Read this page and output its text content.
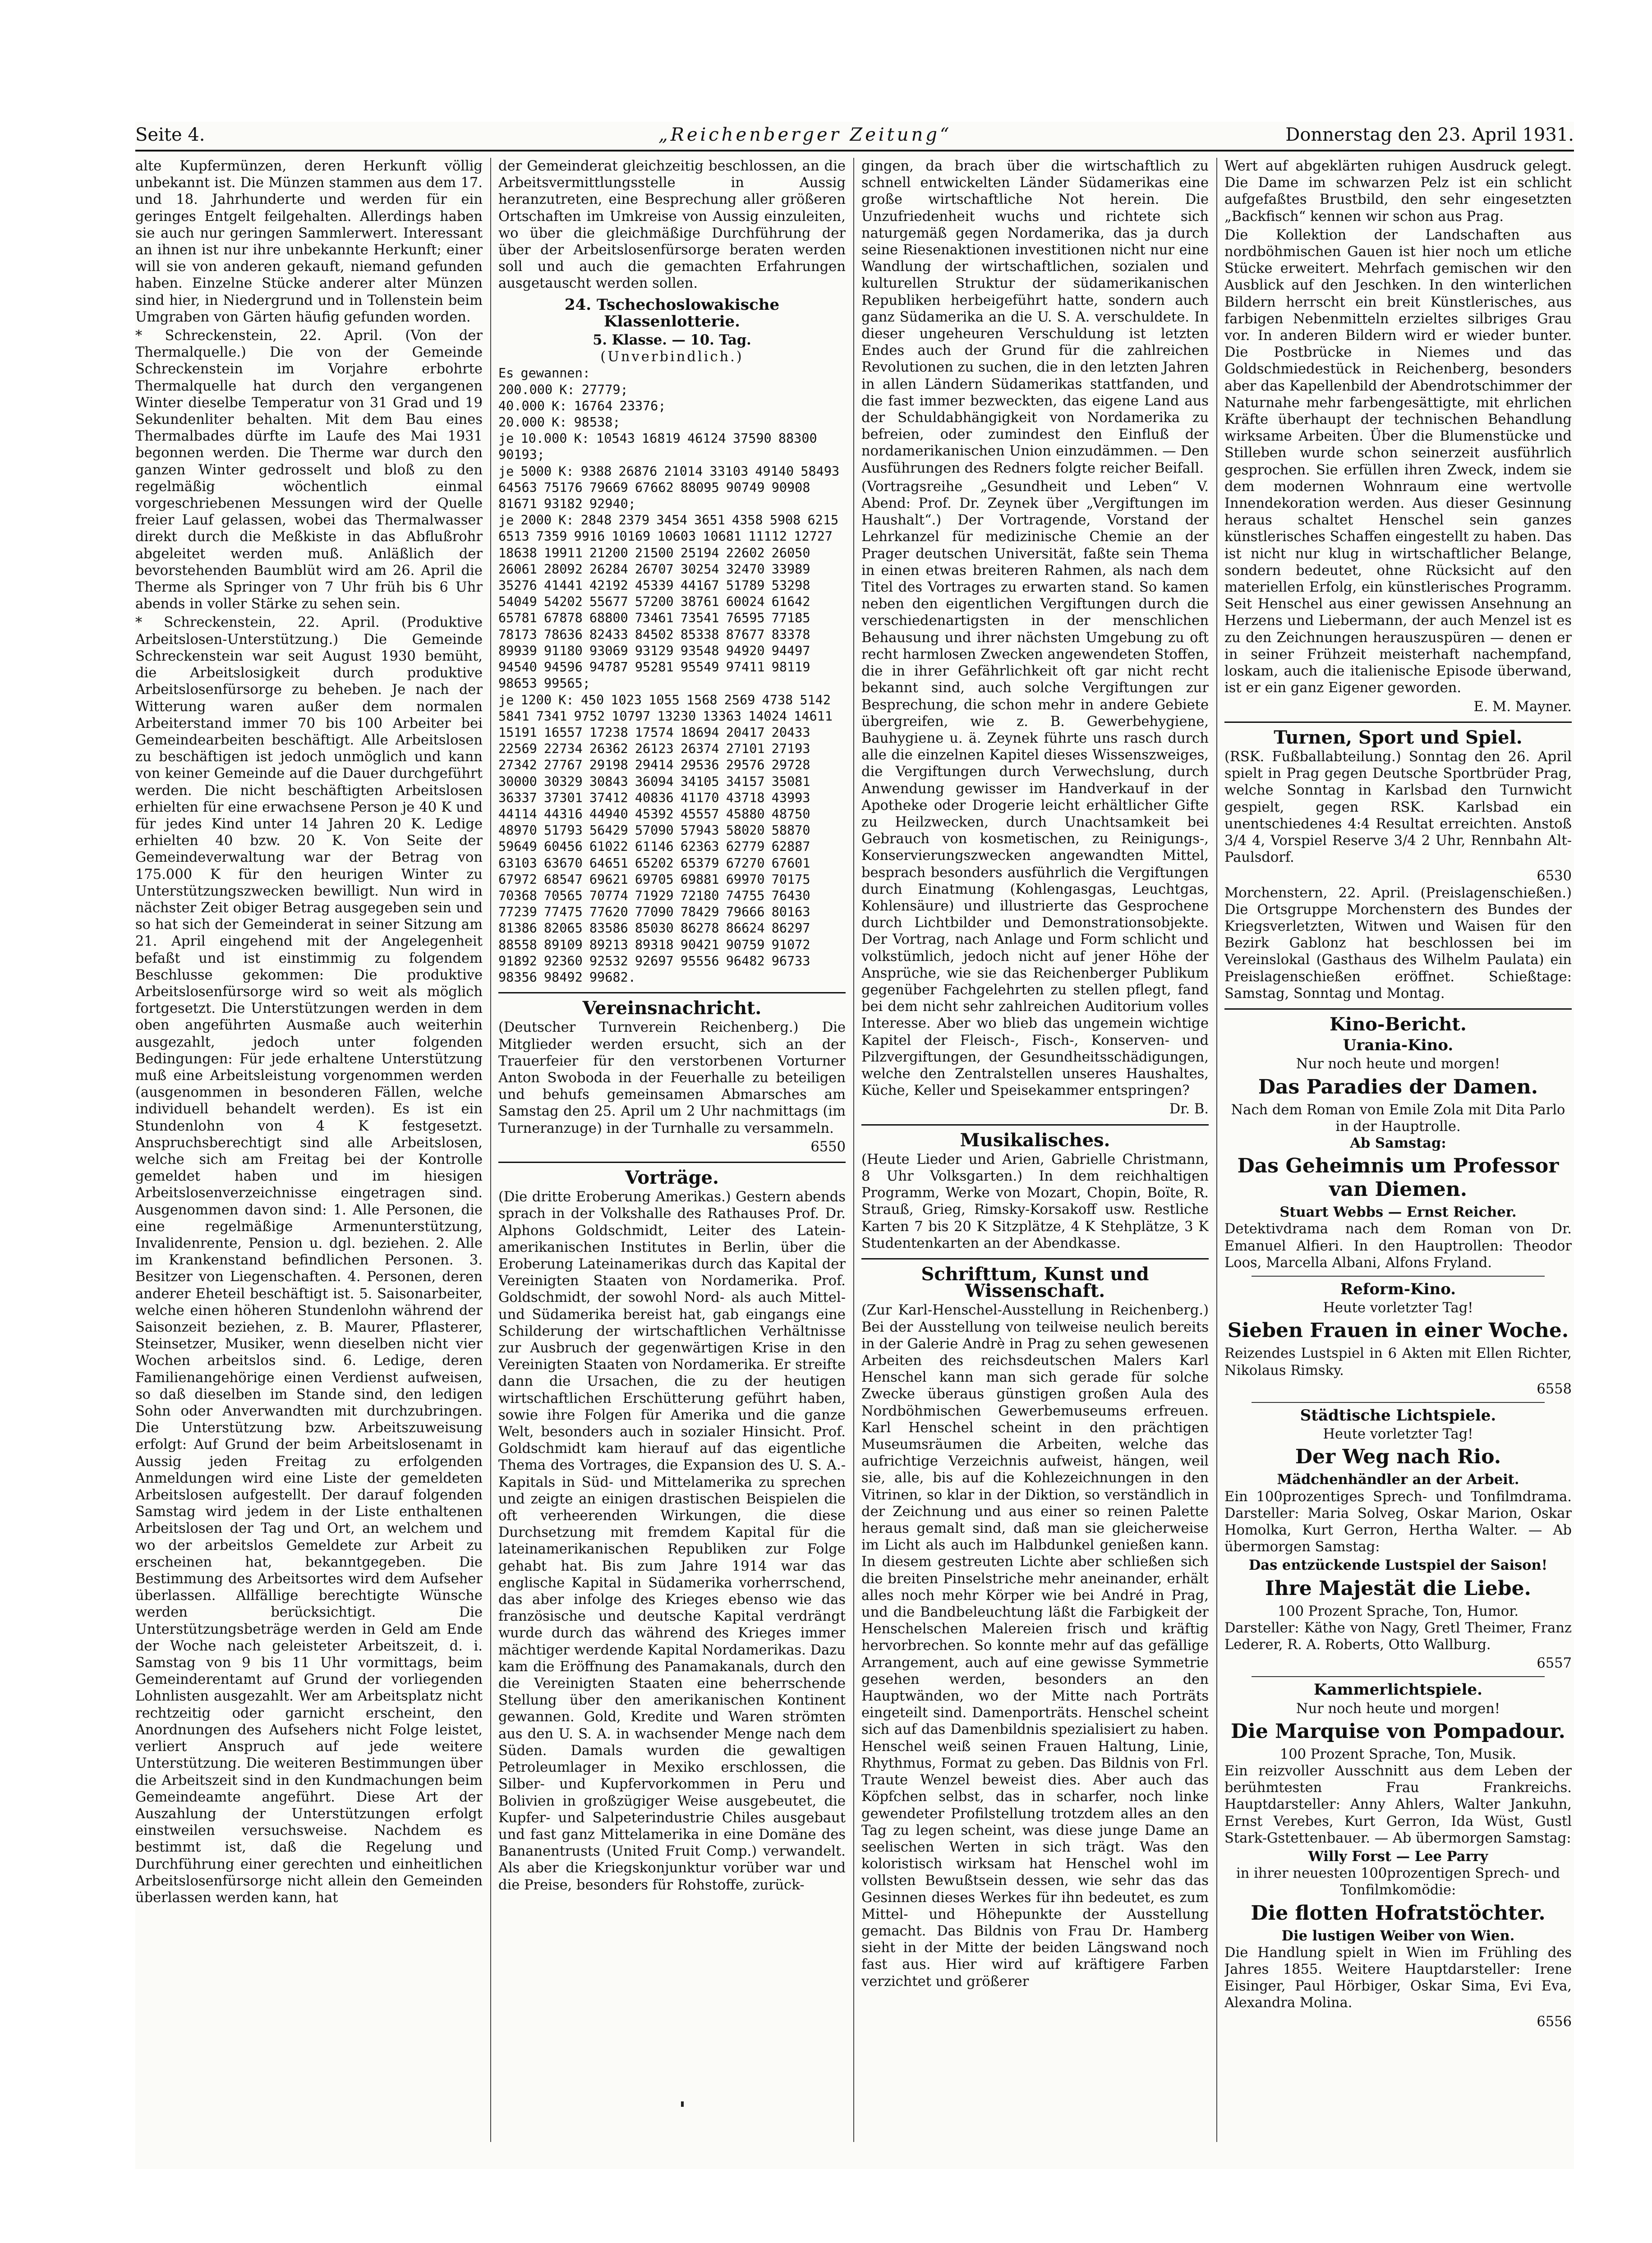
Seite 4.	„Reichenberger Zeitung“	Donnerstag den 23. April 1931.

alte Kupfermünzen, deren Herkunft völlig unbekannt ist. Die Münzen stammen aus dem 17. und 18. Jahrhunderte und werden für ein geringes Entgelt feilgehalten. Allerdings haben sie auch nur geringen Sammlerwert. Interessant an ihnen ist nur ihre unbekannte Herkunft; einer will sie von anderen gekauft, niemand gefunden haben. Einzelne Stücke anderer alter Münzen sind hier, in Niedergrund und in Tollenstein beim Umgraben von Gärten häufig gefunden worden.

* Schreckenstein, 22. April. (Von der Thermalquelle.) Die von der Gemeinde Schreckenstein im Vorjahre erbohrte Thermalquelle hat durch den vergangenen Winter dieselbe Temperatur von 31 Grad und 19 Sekundenliter behalten. Mit dem Bau eines Thermalbades dürfte im Laufe des Mai 1931 begonnen werden. Die Therme war durch den ganzen Winter gedrosselt und bloß zu den regelmäßig wöchentlich einmal vorgeschriebenen Messungen wird der Quelle freier Lauf gelassen, wobei das Thermalwasser direkt durch die Meßkiste in das Abflußrohr abgeleitet werden muß. Anläßlich der bevorstehenden Baumblüt wird am 26. April die Therme als Springer von 7 Uhr früh bis 6 Uhr abends in voller Stärke zu sehen sein.

* Schreckenstein, 22. April. (Produktive Arbeitslosen-Unterstützung.) Die Gemeinde Schreckenstein war seit August 1930 bemüht, die Arbeitslosigkeit durch produktive Arbeitslosenfürsorge zu beheben. Je nach der Witterung waren außer dem normalen Arbeiterstand immer 70 bis 100 Arbeiter bei Gemeindearbeiten beschäftigt. Alle Arbeitslosen zu beschäftigen ist jedoch unmöglich und kann von keiner Gemeinde auf die Dauer durchgeführt werden. Die nicht beschäftigten Arbeitslosen erhielten für eine erwachsene Person je 40 K und für jedes Kind unter 14 Jahren 20 K. Ledige erhielten 40 bzw. 20 K. Von Seite der Gemeindeverwaltung war der Betrag von 175.000 K für den heurigen Winter zu Unterstützungszwecken bewilligt. Nun wird in nächster Zeit obiger Betrag ausgegeben sein und so hat sich der Gemeinderat in seiner Sitzung am 21. April eingehend mit der Angelegenheit befaßt und ist einstimmig zu folgendem Beschlusse gekommen: Die produktive Arbeitslosenfürsorge wird so weit als möglich fortgesetzt. Die Unterstützungen werden in dem oben angeführten Ausmaße auch weiterhin ausgezahlt, jedoch unter folgenden Bedingungen: Für jede erhaltene Unterstützung muß eine Arbeitsleistung vorgenommen werden (ausgenommen in besonderen Fällen, welche individuell behandelt werden). Es ist ein Stundenlohn von 4 K festgesetzt. Anspruchsberechtigt sind alle Arbeitslosen, welche sich am Freitag bei der Kontrolle gemeldet haben und im hiesigen Arbeitslosenverzeichnisse eingetragen sind. Ausgenommen davon sind: 1. Alle Personen, die eine regelmäßige Armenunterstützung, Invalidenrente, Pension u. dgl. beziehen. 2. Alle im Krankenstand befindlichen Personen. 3. Besitzer von Liegenschaften. 4. Personen, deren anderer Eheteil beschäftigt ist. 5. Saisonarbeiter, welche einen höheren Stundenlohn während der Saisonzeit beziehen, z. B. Maurer, Pflasterer, Steinsetzer, Musiker, wenn dieselben nicht vier Wochen arbeitslos sind. 6. Ledige, deren Familienangehörige einen Verdienst aufweisen, so daß dieselben im Stande sind, den ledigen Sohn oder Anverwandten mit durchzubringen. Die Unterstützung bzw. Arbeitszuweisung erfolgt: Auf Grund der beim Arbeitslosenamt in Aussig jeden Freitag zu erfolgenden Anmeldungen wird eine Liste der gemeldeten Arbeitslosen aufgestellt. Der darauf folgenden Samstag wird jedem in der Liste enthaltenen Arbeitslosen der Tag und Ort, an welchem und wo der arbeitslos Gemeldete zur Arbeit zu erscheinen hat, bekanntgegeben. Die Bestimmung des Arbeitsortes wird dem Aufseher überlassen. Allfällige berechtigte Wünsche werden berücksichtigt. Die Unterstützungsbeträge werden in Geld am Ende der Woche nach geleisteter Arbeitszeit, d. i. Samstag von 9 bis 11 Uhr vormittags, beim Gemeinderentamt auf Grund der vorliegenden Lohnlisten ausgezahlt. Wer am Arbeitsplatz nicht rechtzeitig oder garnicht erscheint, den Anordnungen des Aufsehers nicht Folge leistet, verliert Anspruch auf jede weitere Unterstützung. Die weiteren Bestimmungen über die Arbeitszeit sind in den Kundmachungen beim Gemeindeamte angeführt. Diese Art der Auszahlung der Unterstützungen erfolgt einstweilen versuchsweise. Nachdem es bestimmt ist, daß die Regelung und Durchführung einer gerechten und einheitlichen Arbeitslosenfürsorge nicht allein den Gemeinden überlassen werden kann, hat

der Gemeinderat gleichzeitig beschlossen, an die Arbeitsvermittlungsstelle in Aussig heranzutreten, eine Besprechung aller größeren Ortschaften im Umkreise von Aussig einzuleiten, wo über die gleichmäßige Durchführung der über der Arbeitslosenfürsorge beraten werden soll und auch die gemachten Erfahrungen ausgetauscht werden sollen.

24. Tschechoslowakische Klassenlotterie.
5. Klasse. — 10. Tag.
(Unverbindlich.)
Es gewannen:
200.000 K: 27779;
40.000 K: 16764 23376;
20.000 K: 98538;
je 10.000 K: 10543 16819 46124 37590 88300 90193;
je 5000 K: 9388 26876 21014 33103 49140 58493 64563 75176 79669 67662 88095 90749 90908 81671 93182 92940;
je 2000 K: 2848 2379 3454 3651 4358 5908 6215 6513 7359 9916 10169 10603 10681 11112 12727 18638 19911 21200 21500 25194 22602 26050 26061 28092 26284 26707 30254 32470 33989 35276 41441 42192 45339 44167 51789 53298 54049 54202 55677 57200 38761 60024 61642 65781 67878 68800 73461 73541 76595 77185 78173 78636 82433 84502 85338 87677 83378 89939 91180 93069 93129 93548 94920 94497 94540 94596 94787 95281 95549 97411 98119 98653 99565;
je 1200 K: 450 1023 1055 1568 2569 4738 5142 5841 7341 9752 10797 13230 13363 14024 14611 15191 16557 17238 17574 18694 20417 20433 22569 22734 26362 26123 26374 27101 27193 27342 27767 29198 29414 29536 29576 29728 30000 30329 30843 36094 34105 34157 35081 36337 37301 37412 40836 41170 43718 43993 44114 44316 44940 45392 45557 45880 48750 48970 51793 56429 57090 57943 58020 58870 59649 60456 61022 61146 62363 62779 62887 63103 63670 64651 65202 65379 67270 67601 67972 68547 69621 69705 69881 69970 70175 70368 70565 70774 71929 72180 74755 76430 77239 77475 77620 77090 78429 79666 80163 81386 82065 83586 85030 86278 86624 86297 88558 89109 89213 89318 90421 90759 91072 91892 92360 92532 92697 95556 96482 96733 98356 98492 99682.
Vereinsnachricht.

(Deutscher Turnverein Reichenberg.) Die Mitglieder werden ersucht, sich an der Trauerfeier für den verstorbenen Vorturner Anton Swoboda in der Feuerhalle zu beteiligen und behufs gemeinsamen Abmarsches am Samstag den 25. April um 2 Uhr nachmittags (im Turneranzuge) in der Turnhalle zu versammeln.

6550
Vorträge.

(Die dritte Eroberung Amerikas.) Gestern abends sprach in der Volkshalle des Rathauses Prof. Dr. Alphons Goldschmidt, Leiter des Latein-amerikanischen Institutes in Berlin, über die Eroberung Lateinamerikas durch das Kapital der Vereinigten Staaten von Nordamerika. Prof. Goldschmidt, der sowohl Nord- als auch Mittel- und Südamerika bereist hat, gab eingangs eine Schilderung der wirtschaftlichen Verhältnisse zur Ausbruch der gegenwärtigen Krise in den Vereinigten Staaten von Nordamerika. Er streifte dann die Ursachen, die zu der heutigen wirtschaftlichen Erschütterung geführt haben, sowie ihre Folgen für Amerika und die ganze Welt, besonders auch in sozialer Hinsicht. Prof. Goldschmidt kam hierauf auf das eigentliche Thema des Vortrages, die Expansion des U. S. A.-Kapitals in Süd- und Mittelamerika zu sprechen und zeigte an einigen drastischen Beispielen die oft verheerenden Wirkungen, die diese Durchsetzung mit fremdem Kapital für die lateinamerikanischen Republiken zur Folge gehabt hat. Bis zum Jahre 1914 war das englische Kapital in Südamerika vorherrschend, das aber infolge des Krieges ebenso wie das französische und deutsche Kapital verdrängt wurde durch das während des Krieges immer mächtiger werdende Kapital Nordamerikas. Dazu kam die Eröffnung des Panamakanals, durch den die Vereinigten Staaten eine beherrschende Stellung über den amerikanischen Kontinent gewannen. Gold, Kredite und Waren strömten aus den U. S. A. in wachsender Menge nach dem Süden. Damals wurden die gewaltigen Petroleumlager in Mexiko erschlossen, die Silber- und Kupfervorkommen in Peru und Bolivien in großzügiger Weise ausgebeutet, die Kupfer- und Salpeterindustrie Chiles ausgebaut und fast ganz Mittelamerika in eine Domäne des Bananentrusts (United Fruit Comp.) verwandelt. Als aber die Kriegskonjunktur vorüber war und die Preise, besonders für Rohstoffe, zurück-

gingen, da brach über die wirtschaftlich zu schnell entwickelten Länder Südamerikas eine große wirtschaftliche Not herein. Die Unzufriedenheit wuchs und richtete sich naturgemäß gegen Nordamerika, das ja durch seine Riesenaktionen investitionen nicht nur eine Wandlung der wirtschaftlichen, sozialen und kulturellen Struktur der südamerikanischen Republiken herbeigeführt hatte, sondern auch ganz Südamerika an die U. S. A. verschuldete. In dieser ungeheuren Verschuldung ist letzten Endes auch der Grund für die zahlreichen Revolutionen zu suchen, die in den letzten Jahren in allen Ländern Südamerikas stattfanden, und die fast immer bezweckten, das eigene Land aus der Schuldabhängigkeit von Nordamerika zu befreien, oder zumindest den Einfluß der nordamerikanischen Union einzudämmen. — Den Ausführungen des Redners folgte reicher Beifall.

(Vortragsreihe „Gesundheit und Leben“ V. Abend: Prof. Dr. Zeynek über „Vergiftungen im Haushalt“.) Der Vortragende, Vorstand der Lehrkanzel für medizinische Chemie an der Prager deutschen Universität, faßte sein Thema in einen etwas breiteren Rahmen, als nach dem Titel des Vortrages zu erwarten stand. So kamen neben den eigentlichen Vergiftungen durch die verschiedenartigsten in der menschlichen Behausung und ihrer nächsten Umgebung zu oft recht harmlosen Zwecken angewendeten Stoffen, die in ihrer Gefährlichkeit oft gar nicht recht bekannt sind, auch solche Vergiftungen zur Besprechung, die schon mehr in andere Gebiete übergreifen, wie z. B. Gewerbehygiene, Bauhygiene u. ä. Zeynek führte uns rasch durch alle die einzelnen Kapitel dieses Wissenszweiges, die Vergiftungen durch Verwechslung, durch Anwendung gewisser im Handverkauf in der Apotheke oder Drogerie leicht erhältlicher Gifte zu Heilzwecken, durch Unachtsamkeit bei Gebrauch von kosmetischen, zu Reinigungs-, Konservierungszwecken angewandten Mittel, besprach besonders ausführlich die Vergiftungen durch Einatmung (Kohlengasgas, Leuchtgas, Kohlensäure) und illustrierte das Gesprochene durch Lichtbilder und Demonstrationsobjekte. Der Vortrag, nach Anlage und Form schlicht und volkstümlich, jedoch nicht auf jener Höhe der Ansprüche, wie sie das Reichenberger Publikum gegenüber Fachgelehrten zu stellen pflegt, fand bei dem nicht sehr zahlreichen Auditorium volles Interesse. Aber wo blieb das ungemein wichtige Kapitel der Fleisch-, Fisch-, Konserven- und Pilzvergiftungen, der Gesundheitsschädigungen, welche den Zentralstellen unseres Haushaltes, Küche, Keller und Speisekammer entspringen?

Dr. B.
Musikalisches.

(Heute Lieder und Arien, Gabrielle Christmann, 8 Uhr Volksgarten.) In dem reichhaltigen Programm, Werke von Mozart, Chopin, Boïte, R. Strauß, Grieg, Rimsky-Korsakoff usw. Restliche Karten 7 bis 20 K Sitzplätze, 4 K Stehplätze, 3 K Studentenkarten an der Abendkasse.

Schrifttum, Kunst und Wissenschaft.

(Zur Karl-Henschel-Ausstellung in Reichenberg.) Bei der Ausstellung von teilweise neulich bereits in der Galerie Andrè in Prag zu sehen gewesenen Arbeiten des reichsdeutschen Malers Karl Henschel kann man sich gerade für solche Zwecke überaus günstigen großen Aula des Nordböhmischen Gewerbemuseums erfreuen. Karl Henschel scheint in den prächtigen Museumsräumen die Arbeiten, welche das aufrichtige Verzeichnis aufweist, hängen, weil sie, alle, bis auf die Kohlezeichnungen in den Vitrinen, so klar in der Diktion, so verständlich in der Zeichnung und aus einer so reinen Palette heraus gemalt sind, daß man sie gleicherweise im Licht als auch im Halbdunkel genießen kann. In diesem gestreuten Lichte aber schließen sich die breiten Pinselstriche mehr aneinander, erhält alles noch mehr Körper wie bei André in Prag, und die Bandbeleuchtung läßt die Farbigkeit der Henschelschen Malereien frisch und kräftig hervorbrechen. So konnte mehr auf das gefällige Arrangement, auch auf eine gewisse Symmetrie gesehen werden, besonders an den Hauptwänden, wo der Mitte nach Porträts eingeteilt sind. Damenporträts. Henschel scheint sich auf das Damenbildnis spezialisiert zu haben. Henschel weiß seinen Frauen Haltung, Linie, Rhythmus, Format zu geben. Das Bildnis von Frl. Traute Wenzel beweist dies. Aber auch das Köpfchen selbst, das in scharfer, noch linke gewendeter Profilstellung trotzdem alles an den Tag zu legen scheint, was diese junge Dame an seelischen Werten in sich trägt. Was den koloristisch wirksam hat Henschel wohl im vollsten Bewußtsein dessen, wie sehr das das Gesinnen dieses Werkes für ihn bedeutet, es zum Mittel- und Höhepunkte der Ausstellung gemacht. Das Bildnis von Frau Dr. Hamberg sieht in der Mitte der beiden Längswand noch fast aus. Hier wird auf kräftigere Farben verzichtet und größerer

Wert auf abgeklärten ruhigen Ausdruck gelegt. Die Dame im schwarzen Pelz ist ein schlicht aufgefaßtes Brustbild, den sehr eingesetzten „Backfisch“ kennen wir schon aus Prag.

Die Kollektion der Landschaften aus nordböhmischen Gauen ist hier noch um etliche Stücke erweitert. Mehrfach gemischen wir den Ausblick auf den Jeschken. In den winterlichen Bildern herrscht ein breit Künstlerisches, aus farbigen Nebenmitteln erzieltes silbriges Grau vor. In anderen Bildern wird er wieder bunter. Die Postbrücke in Niemes und das Goldschmiedestück in Reichenberg, besonders aber das Kapellenbild der Abendrotschimmer der Naturnahe mehr farbengesättigte, mit ehrlichen Kräfte überhaupt der technischen Behandlung wirksame Arbeiten. Über die Blumenstücke und Stilleben wurde schon seinerzeit ausführlich gesprochen. Sie erfüllen ihren Zweck, indem sie dem modernen Wohnraum eine wertvolle Innendekoration werden. Aus dieser Gesinnung heraus schaltet Henschel sein ganzes künstlerisches Schaffen eingestellt zu haben. Das ist nicht nur klug in wirtschaftlicher Belange, sondern bedeutet, ohne Rücksicht auf den materiellen Erfolg, ein künstlerisches Programm. Seit Henschel aus einer gewissen Ansehnung an Herzens und Liebermann, der auch Menzel ist es zu den Zeichnungen herauszuspüren — denen er in seiner Frühzeit meisterhaft nachempfand, loskam, auch die italienische Episode überwand, ist er ein ganz Eigener geworden.

E. M. Mayner.
Turnen, Sport und Spiel.

(RSK. Fußballabteilung.) Sonntag den 26. April spielt in Prag gegen Deutsche Sportbrüder Prag, welche Sonntag in Karlsbad den Turnwicht gespielt, gegen RSK. Karlsbad ein unentschiedenes 4:4 Resultat erreichten. Anstoß 3/4 4, Vorspiel Reserve 3/4 2 Uhr, Rennbahn Alt-Paulsdorf.

6530

Morchenstern, 22. April. (Preislagenschießen.) Die Ortsgruppe Morchenstern des Bundes der Kriegsverletzten, Witwen und Waisen für den Bezirk Gablonz hat beschlossen bei im Vereinslokal (Gasthaus des Wilhelm Paulata) ein Preislagenschießen eröffnet. Schießtage: Samstag, Sonntag und Montag.

Kino-Bericht.
Urania-Kino.
Nur noch heute und morgen!
Das Paradies der Damen.
Nach dem Roman von Emile Zola mit Dita Parlo in der Hauptrolle.
Ab Samstag:
Das Geheimnis um Professor van Diemen.
Stuart Webbs — Ernst Reicher.

Detektivdrama nach dem Roman von Dr. Emanuel Alfieri. In den Hauptrollen: Theodor Loos, Marcella Albani, Alfons Fryland.

Reform-Kino.
Heute vorletzter Tag!
Sieben Frauen in einer Woche.

Reizendes Lustspiel in 6 Akten mit Ellen Richter, Nikolaus Rimsky.

6558
Städtische Lichtspiele.
Heute vorletzter Tag!
Der Weg nach Rio.
Mädchenhändler an der Arbeit.

Ein 100prozentiges Sprech- und Tonfilmdrama. Darsteller: Maria Solveg, Oskar Marion, Oskar Homolka, Kurt Gerron, Hertha Walter. — Ab übermorgen Samstag:

Das entzückende Lustspiel der Saison!
Ihre Majestät die Liebe.
100 Prozent Sprache, Ton, Humor.

Darsteller: Käthe von Nagy, Gretl Theimer, Franz Lederer, R. A. Roberts, Otto Wallburg.

6557
Kammerlichtspiele.
Nur noch heute und morgen!
Die Marquise von Pompadour.
100 Prozent Sprache, Ton, Musik.

Ein reizvoller Ausschnitt aus dem Leben der berühmtesten Frau Frankreichs. Hauptdarsteller: Anny Ahlers, Walter Jankuhn, Ernst Verebes, Kurt Gerron, Ida Wüst, Gustl Stark-Gstettenbauer. — Ab übermorgen Samstag:

Willy Forst — Lee Parry
in ihrer neuesten 100prozentigen Sprech- und Tonfilmkomödie:
Die flotten Hofratstöchter.
Die lustigen Weiber von Wien.

Die Handlung spielt in Wien im Frühling des Jahres 1855. Weitere Hauptdarsteller: Irene Eisinger, Paul Hörbiger, Oskar Sima, Evi Eva, Alexandra Molina.

6556
